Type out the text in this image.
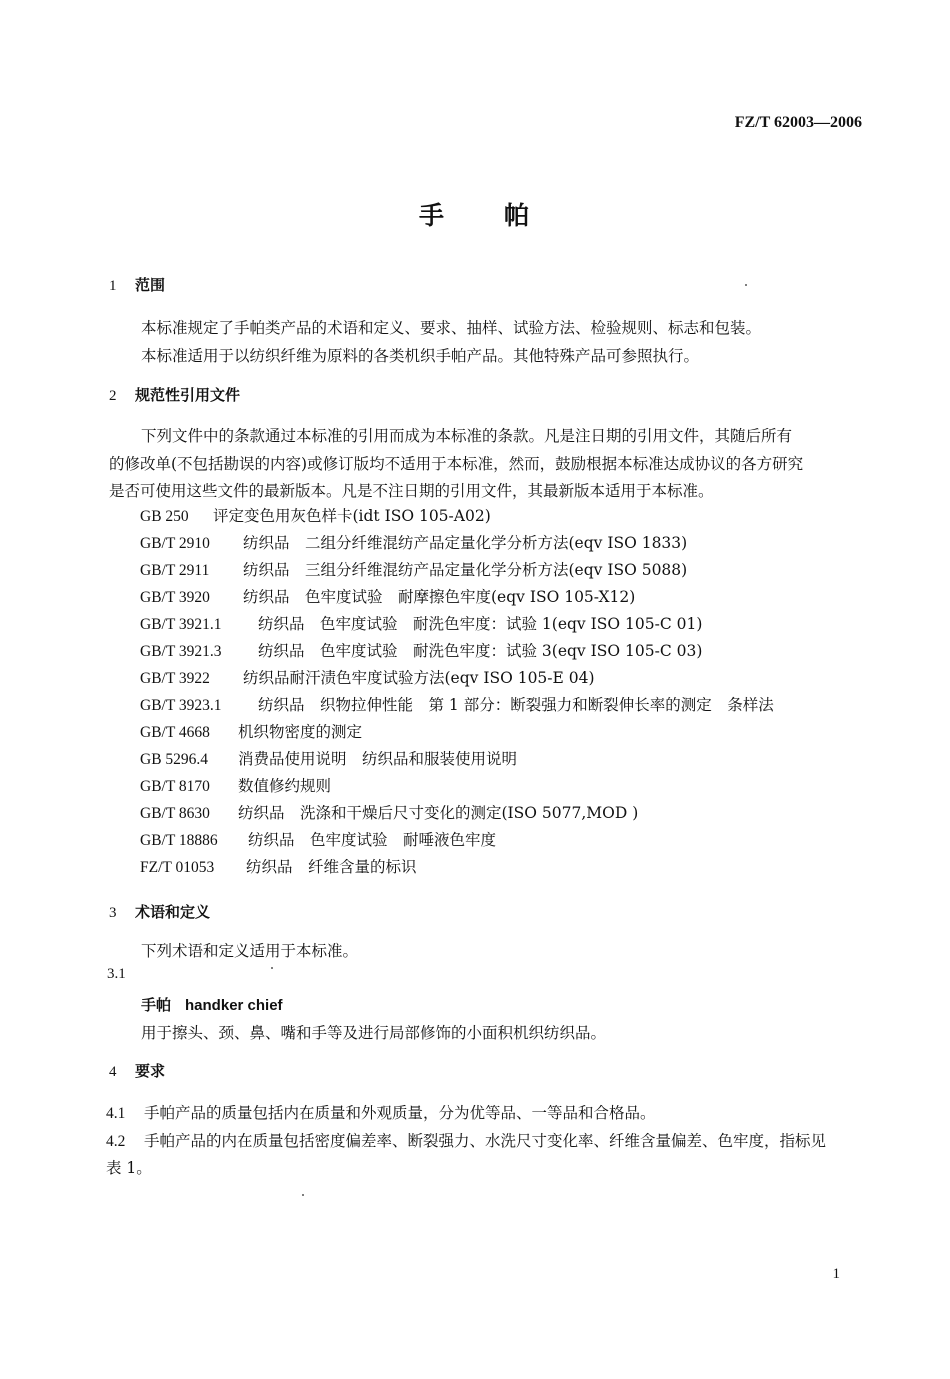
FZ/T 62003—2006
手 帕
1 范围
本标准规定了手帕类产品的术语和定义、要求、抽样、试验方法、检验规则、标志和包装。
本标准适用于以纺织纤维为原料的各类机织手帕产品。其他特殊产品可参照执行。
2 规范性引用文件
下列文件中的条款通过本标准的引用而成为本标准的条款。凡是注日期的引用文件，其随后所有
的修改单(不包括勘误的内容)或修订版均不适用于本标准，然而，鼓励根据本标准达成协议的各方研究
是否可使用这些文件的最新版本。凡是不注日期的引用文件，其最新版本适用于本标准。
GB 250 评定变色用灰色样卡(idt ISO 105-A02)
GB/T 2910 纺织品　二组分纤维混纺产品定量化学分析方法(eqv ISO 1833)
GB/T 2911 纺织品　三组分纤维混纺产品定量化学分析方法(eqv ISO 5088)
GB/T 3920 纺织品　色牢度试验　耐摩擦色牢度(eqv ISO 105-X12)
GB/T 3921.1 纺织品　色牢度试验　耐洗色牢度：试验 1(eqv ISO 105-C 01)
GB/T 3921.3 纺织品　色牢度试验　耐洗色牢度：试验 3(eqv ISO 105-C 03)
GB/T 3922 纺织品耐汗渍色牢度试验方法(eqv ISO 105-E 04)
GB/T 3923.1 纺织品　织物拉伸性能　第 1 部分：断裂强力和断裂伸长率的测定　条样法
GB/T 4668 机织物密度的测定
GB 5296.4 消费品使用说明　纺织品和服装使用说明
GB/T 8170 数值修约规则
GB/T 8630 纺织品　洗涤和干燥后尺寸变化的测定(ISO 5077,MOD )
GB/T 18886 纺织品　色牢度试验　耐唾液色牢度
FZ/T 01053 纺织品　纤维含量的标识
3 术语和定义
下列术语和定义适用于本标准。
3.1
手帕 handker chief
用于擦头、颈、鼻、嘴和手等及进行局部修饰的小面积机织纺织品。
4 要求
4.1 手帕产品的质量包括内在质量和外观质量，分为优等品、一等品和合格品。
4.2 手帕产品的内在质量包括密度偏差率、断裂强力、水洗尺寸变化率、纤维含量偏差、色牢度，指标见
表 1。
1
